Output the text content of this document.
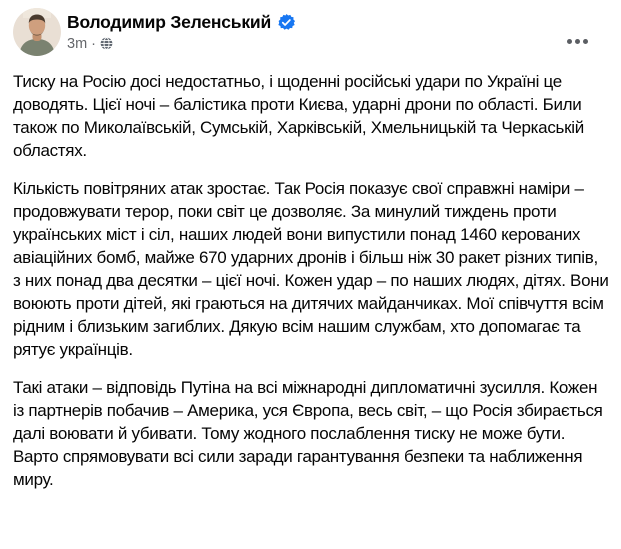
Володимир Зеленський
3m ·

Тиску на Росію досі недостатньо, і щоденні російські удари по Україні це доводять. Цієї ночі – балістика проти Києва, ударні дрони по області. Били також по Миколаївській, Сумській, Харківській, Хмельницькій та Черкаській областях.

Кількість повітряних атак зростає. Так Росія показує свої справжні наміри – продовжувати терор, поки світ це дозволяє. За минулий тиждень проти українських міст і сіл, наших людей вони випустили понад 1460 керованих авіаційних бомб, майже 670 ударних дронів і більш ніж 30 ракет різних типів, з них понад два десятки – цієї ночі. Кожен удар – по наших людях, дітях. Вони воюють проти дітей, які граються на дитячих майданчиках. Мої співчуття всім рідним і близьким загиблих. Дякую всім нашим службам, хто допомагає та рятує українців.

Такі атаки – відповідь Путіна на всі міжнародні дипломатичні зусилля. Кожен із партнерів побачив – Америка, уся Європа, весь світ, – що Росія збирається далі воювати й убивати. Тому жодного послаблення тиску не може бути. Варто спрямовувати всі сили заради гарантування безпеки та наближення миру.
